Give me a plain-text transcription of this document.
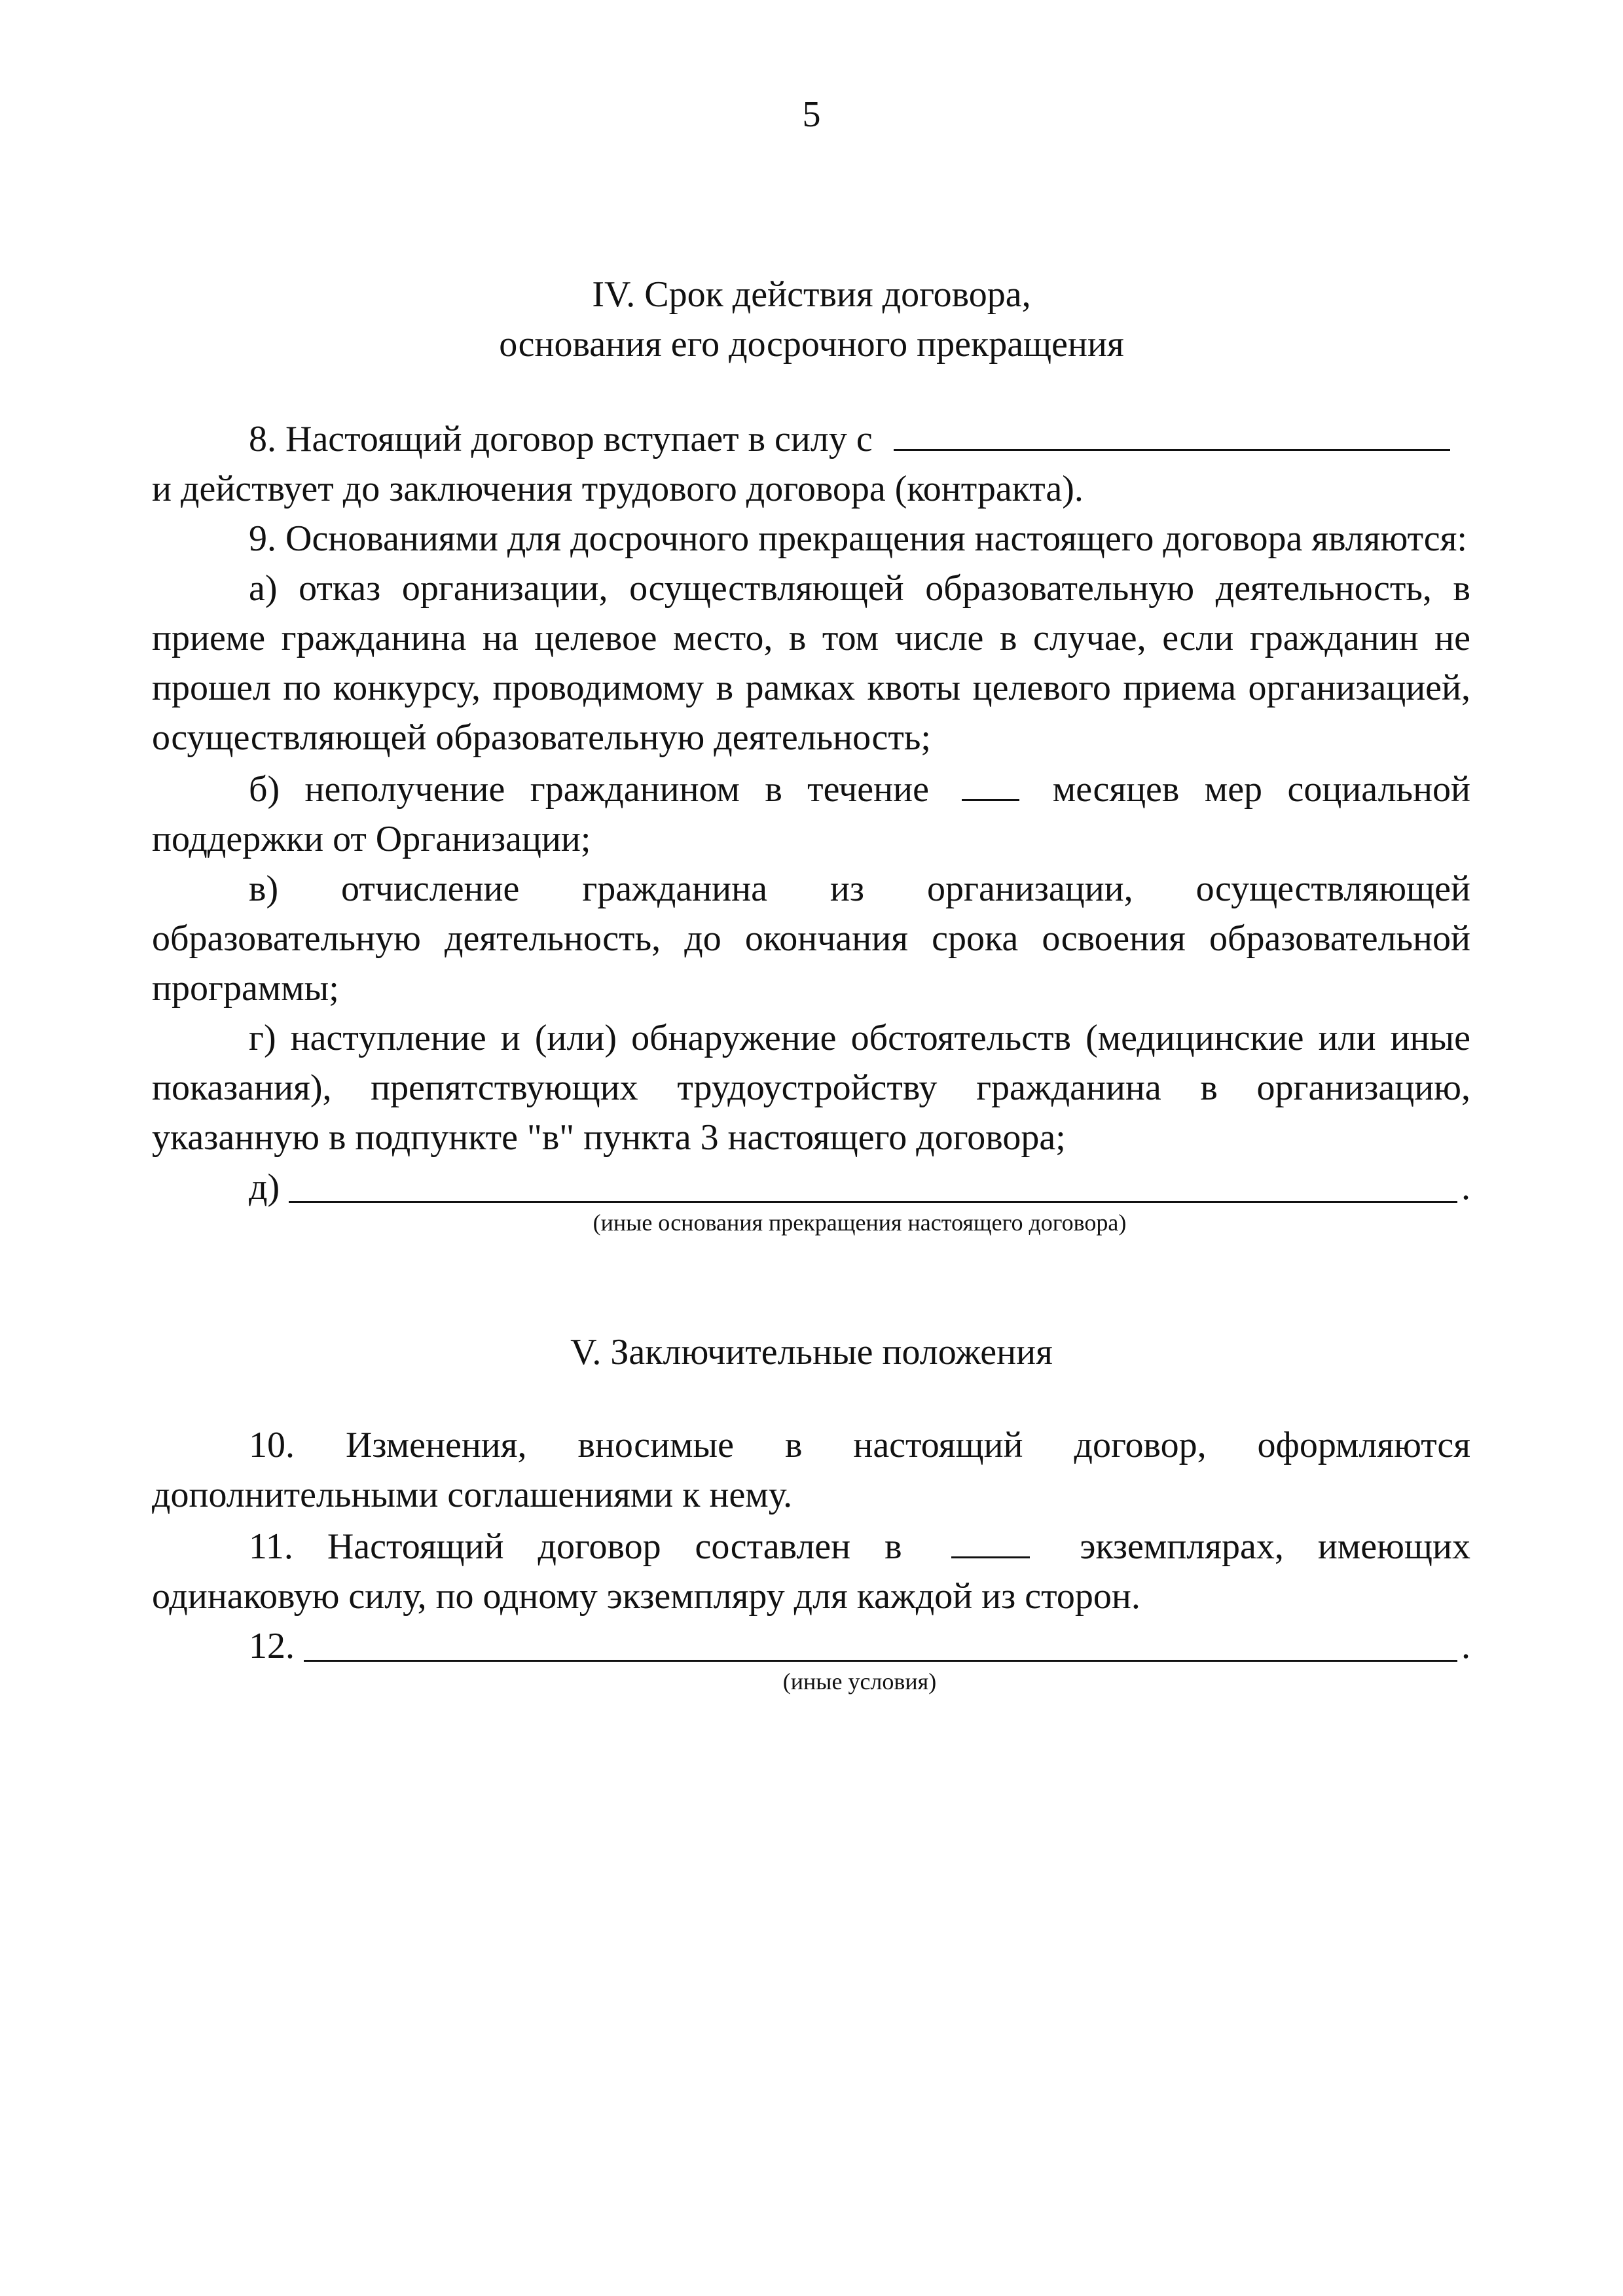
5
IV. Срок действия договора,
основания его досрочного прекращения

8. Настоящий договор вступает в силу с

и действует до заключения трудового договора (контракта).

9. Основаниями для досрочного прекращения настоящего договора являются:

а) отказ организации, осуществляющей образовательную деятельность, в приеме гражданина на целевое место, в том числе в случае, если гражданин не прошел по конкурсу, проводимому в рамках квоты целевого приема организацией, осуществляющей образовательную деятельность;

б) неполучение гражданином в течение	месяцев мер социальной поддержки от Организации;

в) отчисление гражданина из организации, осуществляющей образовательную деятельность, до окончания срока освоения образовательной программы;

г) наступление и (или) обнаружение обстоятельств (медицинские или иные показания), препятствующих трудоустройству гражданина в организацию, указанную в подпункте "в" пункта 3 настоящего договора;

д)	.
(иные основания прекращения настоящего договора)
V. Заключительные положения

10. Изменения, вносимые в настоящий договор, оформляются дополнительными соглашениями к нему.

11. Настоящий договор составлен в	экземплярах, имеющих одинаковую силу, по одному экземпляру для каждой из сторон.

12.	.
(иные условия)
